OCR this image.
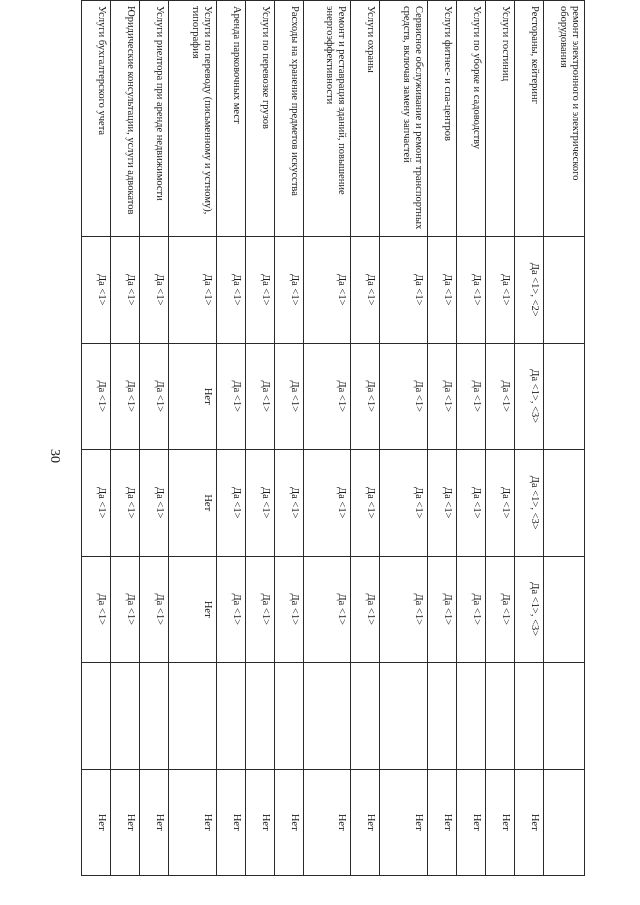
30
ремонт электронного и электрического оборудования						
Рестораны, кейтеринг	Да <1>, <2>	Да <1>, <3>	Да <1>, <3>	Да <1>, <3>		Нет
Услуги гостиниц	Да <1>	Да <1>	Да <1>	Да <1>		Нет
Услуги по уборке и садоводству	Да <1>	Да <1>	Да <1>	Да <1>		Нет
Услуги фитнес- и спа-центров	Да <1>	Да <1>	Да <1>	Да <1>		Нет
Сервисное обслуживание и ремонт транспортных средств, включая замену запчастей	Да <1>	Да <1>	Да <1>	Да <1>		Нет
Услуги охраны	Да <1>	Да <1>	Да <1>	Да <1>		Нет
Ремонт и реставрация зданий, повышение энергоэффективности	Да <1>	Да <1>	Да <1>	Да <1>		Нет
Расходы на хранение предметов искусства	Да <1>	Да <1>	Да <1>	Да <1>		Нет
Услуги по перевозке грузов	Да <1>	Да <1>	Да <1>	Да <1>		Нет
Аренда парковочных мест	Да <1>	Да <1>	Да <1>	Да <1>		Нет
Услуги по переводу (письменному и устному), типография	Да <1>	Нет	Нет	Нет		Нет
Услуги риелтора при аренде недвижимости	Да <1>	Да <1>	Да <1>	Да <1>		Нет
Юридические консультации, услуги адвокатов	Да <1>	Да <1>	Да <1>	Да <1>		Нет
Услуги бухгалтерского учета	Да <1>	Да <1>	Да <1>	Да <1>		Нет
